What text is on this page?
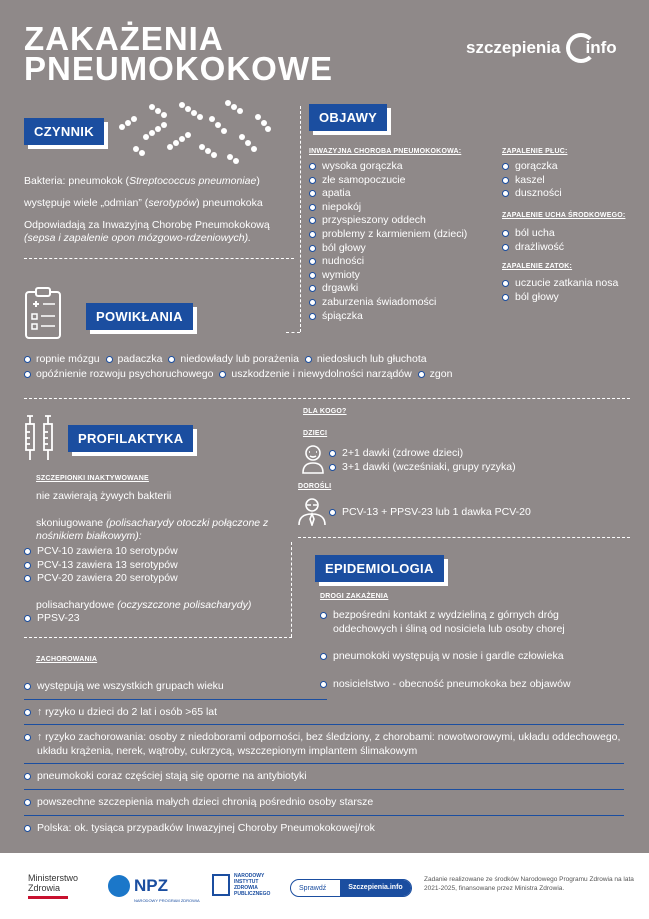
ZAKAŻENIA
PNEUMOKOKOWE
szczepienia info
CZYNNIK
Bakteria: pneumokok (Streptococcus pneumoniae)
występuje wiele „odmian” (serotypów) pneumokoka
Odpowiadają za Inwazyjną Chorobę Pneumokokową
(sepsa i zapalenie opon mózgowo-rdzeniowych).
OBJAWY
INWAZYJNA CHOROBA PNEUMOKOKOWA:
wysoka gorączka
złe samopoczucie
apatia
niepokój
przyspieszony oddech
problemy z karmieniem (dzieci)
ból głowy
nudności
wymioty
drgawki
zaburzenia świadomości
śpiączka
ZAPALENIE PŁUC:
gorączka
kaszel
duszności
ZAPALENIE UCHA ŚRODKOWEGO:
ból ucha
drażliwość
ZAPALENIE ZATOK:
uczucie zatkania nosa
ból głowy
POWIKŁANIA
ropnie mózgu padaczka niedowłady lub porażenia niedosłuch lub głuchota
opóźnienie rozwoju psychoruchowego uszkodzenie i niewydolności narządów zgon
PROFILAKTYKA
SZCZEPIONKI INAKTYWOWANE
nie zawierają żywych bakterii
skoniugowane (polisacharydy otoczki połączone z nośnikiem białkowym):
PCV-10 zawiera 10 serotypów
PCV-13 zawiera 13 serotypów
PCV-20 zawiera 20 serotypów
polisacharydowe (oczyszczone polisacharydy)
PPSV-23
DLA KOGO?
DZIECI
2+1 dawki (zdrowe dzieci)
3+1 dawki (wcześniaki, grupy ryzyka)
DOROŚLI
PCV-13 + PPSV-23 lub 1 dawka PCV-20
EPIDEMIOLOGIA
DROGI ZAKAŻENIA
bezpośredni kontakt z wydzieliną z górnych dróg oddechowych i śliną od nosiciela lub osoby chorej
pneumokoki występują w nosie i gardle człowieka
nosicielstwo - obecność pneumokoka bez objawów
ZACHOROWANIA
występują we wszystkich grupach wieku
↑ ryzyko u dzieci do 2 lat i osób >65 lat
↑ ryzyko zachorowania: osoby z niedoborami odporności, bez śledziony, z chorobami: nowotworowymi, układu oddechowego, układu krążenia, nerek, wątroby, cukrzycą, wszczepionym implantem ślimakowym
pneumokoki coraz częściej stają się oporne na antybiotyki
powszechne szczepienia małych dzieci chronią pośrednio osoby starsze
Polska: ok. tysiąca przypadków Inwazyjnej Choroby Pneumokokowej/rok
Ministerstwo
Zdrowia	NPZ
NARODOWY PROGRAM ZDROWIA
NARODOWY INSTYTUT ZDROWIA PUBLICZNEGO
Sprawdź	Szczepienia.info
Zadanie realizowane ze środków Narodowego Programu Zdrowia na lata 2021-2025, finansowane przez Ministra Zdrowia.
